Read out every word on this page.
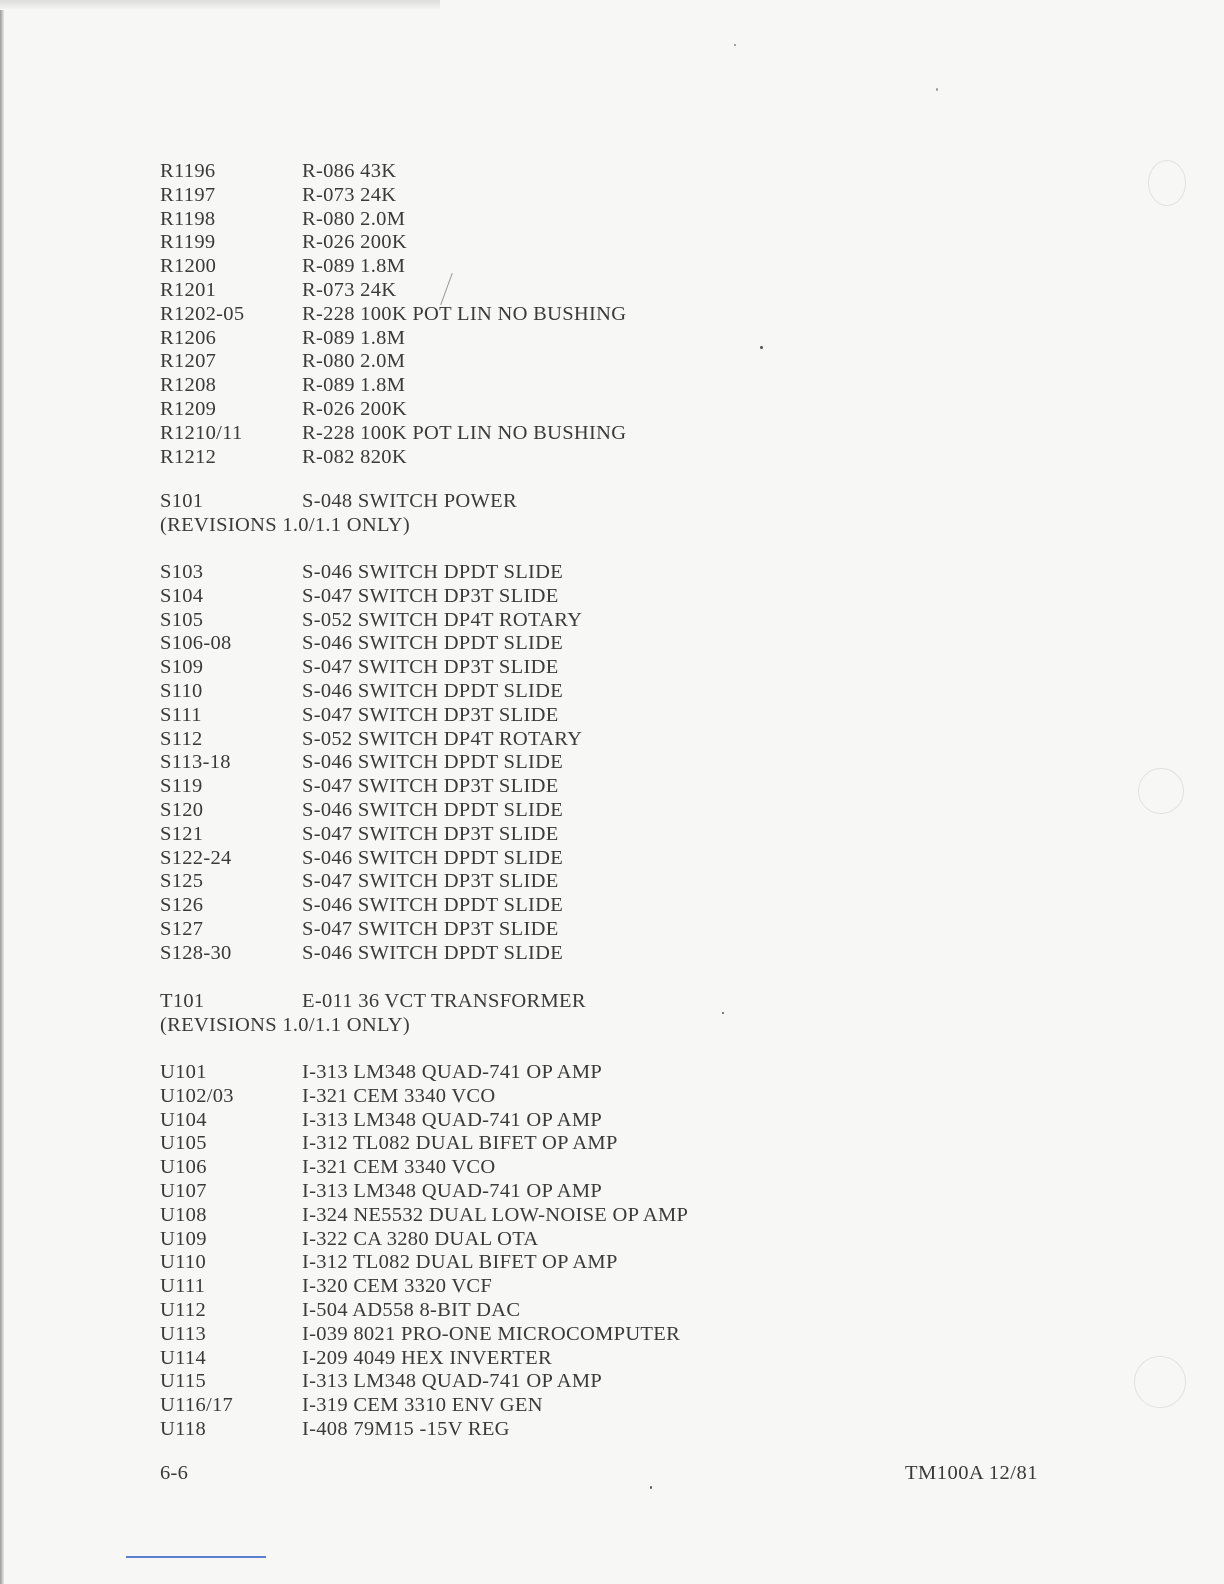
R1196	R-086 43K
R1197	R-073 24K
R1198	R-080 2.0M
R1199	R-026 200K
R1200	R-089 1.8M
R1201	R-073 24K
R1202-05	R-228 100K POT LIN NO BUSHING
R1206	R-089 1.8M
R1207	R-080 2.0M
R1208	R-089 1.8M
R1209	R-026 200K
R1210/11	R-228 100K POT LIN NO BUSHING
R1212	R-082 820K
S101	S-048 SWITCH POWER
(REVISIONS 1.0/1.1 ONLY)
S103	S-046 SWITCH DPDT SLIDE
S104	S-047 SWITCH DP3T SLIDE
S105	S-052 SWITCH DP4T ROTARY
S106-08	S-046 SWITCH DPDT SLIDE
S109	S-047 SWITCH DP3T SLIDE
S110	S-046 SWITCH DPDT SLIDE
S111	S-047 SWITCH DP3T SLIDE
S112	S-052 SWITCH DP4T ROTARY
S113-18	S-046 SWITCH DPDT SLIDE
S119	S-047 SWITCH DP3T SLIDE
S120	S-046 SWITCH DPDT SLIDE
S121	S-047 SWITCH DP3T SLIDE
S122-24	S-046 SWITCH DPDT SLIDE
S125	S-047 SWITCH DP3T SLIDE
S126	S-046 SWITCH DPDT SLIDE
S127	S-047 SWITCH DP3T SLIDE
S128-30	S-046 SWITCH DPDT SLIDE
T101	E-011 36 VCT TRANSFORMER
(REVISIONS 1.0/1.1 ONLY)
U101	I-313 LM348 QUAD-741 OP AMP
U102/03	I-321 CEM 3340 VCO
U104	I-313 LM348 QUAD-741 OP AMP
U105	I-312 TL082 DUAL BIFET OP AMP
U106	I-321 CEM 3340 VCO
U107	I-313 LM348 QUAD-741 OP AMP
U108	I-324 NE5532 DUAL LOW-NOISE OP AMP
U109	I-322 CA 3280 DUAL OTA
U110	I-312 TL082 DUAL BIFET OP AMP
U111	I-320 CEM 3320 VCF
U112	I-504 AD558 8-BIT DAC
U113	I-039 8021 PRO-ONE MICROCOMPUTER
U114	I-209 4049 HEX INVERTER
U115	I-313 LM348 QUAD-741 OP AMP
U116/17	I-319 CEM 3310 ENV GEN
U118	I-408 79M15 -15V REG
6-6	TM100A 12/81
